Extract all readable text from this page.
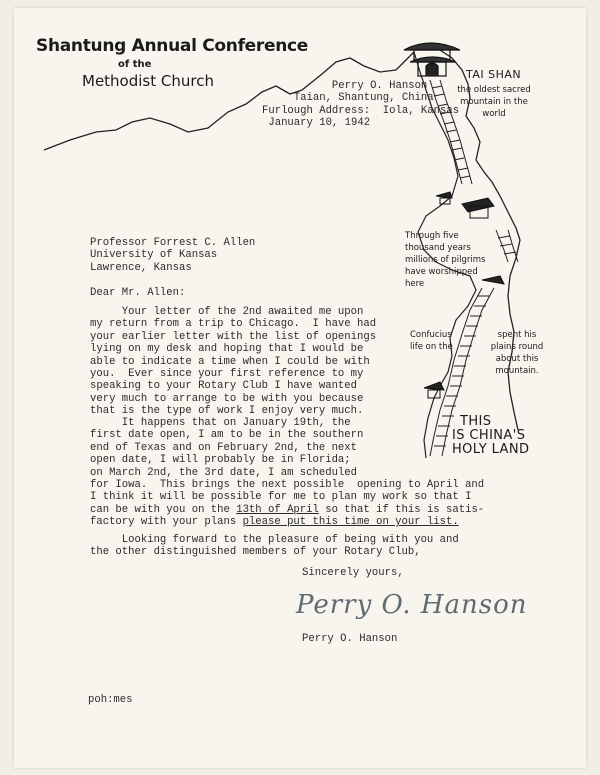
Shantung Annual Conference
of the
Methodist Church	Perry O. Hanson
Taian, Shantung, China
Furlough Address:  Iola, Kansas
January 10, 1942
TAI SHAN
the oldest sacred mountain in the world
Through five thousand years millions of pilgrims have worshipped here
Confucius life on the
spent his plains round about this mountain.
THIS
IS CHINA'S
HOLY LAND
Professor Forrest C. Allen
University of Kansas
Lawrence, Kansas
Dear Mr. Allen:
Your letter of the 2nd awaited me upon
my return from a trip to Chicago.  I have had
your earlier letter with the list of openings
lying on my desk and hoping that I would be
able to indicate a time when I could be with
you.  Ever since your first reference to my
speaking to your Rotary Club I have wanted
very much to arrange to be with you because
that is the type of work I enjoy very much.
It happens that on January 19th, the
first date open, I am to be in the southern
end of Texas and on February 2nd, the next
open date, I will probably be in Florida;
on March 2nd, the 3rd date, I am scheduled
for Iowa.  This brings the next possible  opening to April and
I think it will be possible for me to plan my work so that I
can be with you on the 13th of April so that if this is satis-
factory with your plans please put this time on your list.
Looking forward to the pleasure of being with you and
the other distinguished members of your Rotary Club,
Sincerely yours,
Perry O. Hanson
Perry O. Hanson
poh:mes
